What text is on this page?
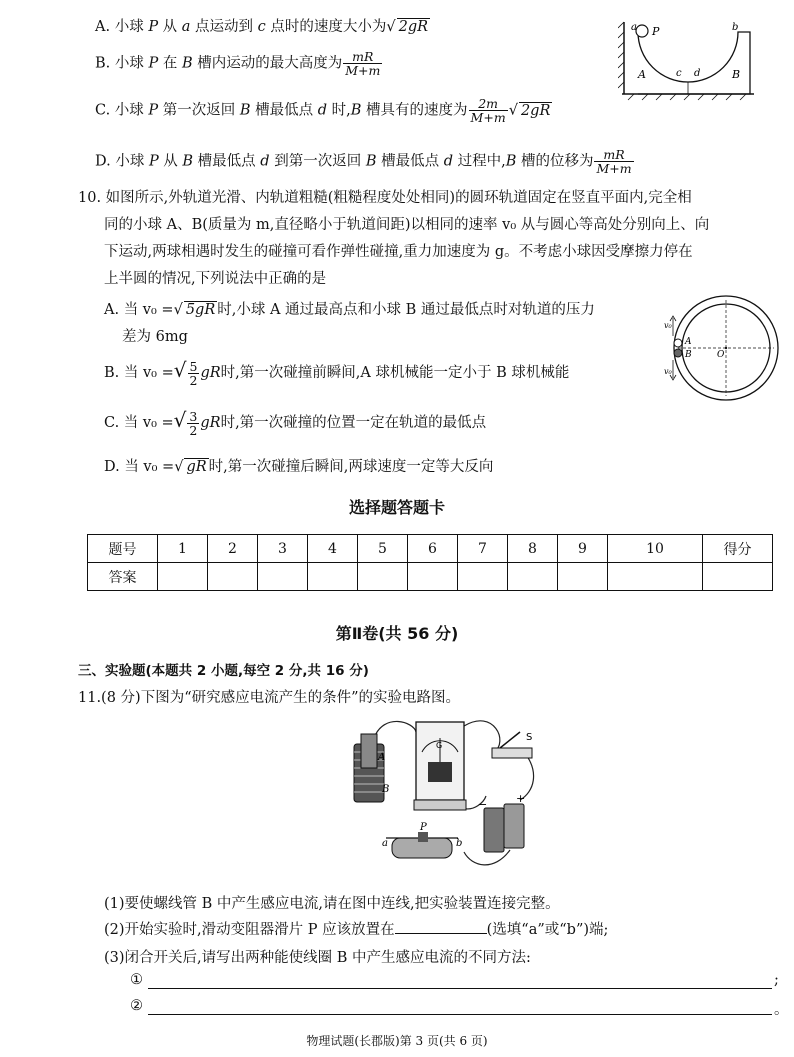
A. 小球 P 从 a 点运动到 c 点时的速度大小为√ 2gR
B. 小球 P 在 B 槽内运动的最大高度为 $\frac{mR}{M+m}$
C. 小球 P 第一次返回 B 槽最低点 d 时,B 槽具有的速度为 $\frac{2m}{M+m}$ √ 2gR
D. 小球 P 从 B 槽最低点 d 到第一次返回 B 槽最低点 d 过程中,B 槽的位移为 $\frac{mR}{M+m}$
a P	b
A	c d	B
10. 如图所示,外轨道光滑、内轨道粗糙(粗糙程度处处相同)的圆环轨道固定在竖直平面内,完全相
同的小球 A、B(质量为 m,直径略小于轨道间距)以相同的速率 v₀ 从与圆心等高处分别向上、向
下运动,两球相遇时发生的碰撞可看作弹性碰撞,重力加速度为 g。不考虑小球因受摩擦力停在
上半圆的情况,下列说法中正确的是
A. 当 v₀ =√ 5gR 时,小球 A 通过最高点和小球 B 通过最低点时对轨道的压力
差为 6mg
B. 当 v₀ =√ $\frac{5}{2}$ gR时,第一次碰撞前瞬间,A 球机械能一定小于 B 球机械能
C. 当 v₀ =√ $\frac{3}{2}$ gR时,第一次碰撞的位置一定在轨道的最低点
D. 当 v₀ =√ gR 时,第一次碰撞后瞬间,两球速度一定等大反向
v₀
v₀
A
B	O
选择题答题卡
题号	1	2	3	4	5	6	7	8	9	10	得分
答案											
第Ⅱ卷(共 56 分)
三、实验题(本题共 2 小题,每空 2 分,共 16 分)
11.(8 分)下图为“研究感应电流产生的条件”的实验电路图。
A
B
G
S
−	+
P
a	b
(1)要使螺线管 B 中产生感应电流,请在图中连线,把实验装置连接完整。
(2)开始实验时,滑动变阻器滑片 P 应该放置在	(选填“a”或“b”)端;
(3)闭合开关后,请写出两种能使线圈 B 中产生感应电流的不同方法:
①	;
②	。
物理试题(长郡版)第 3 页(共 6 页)
